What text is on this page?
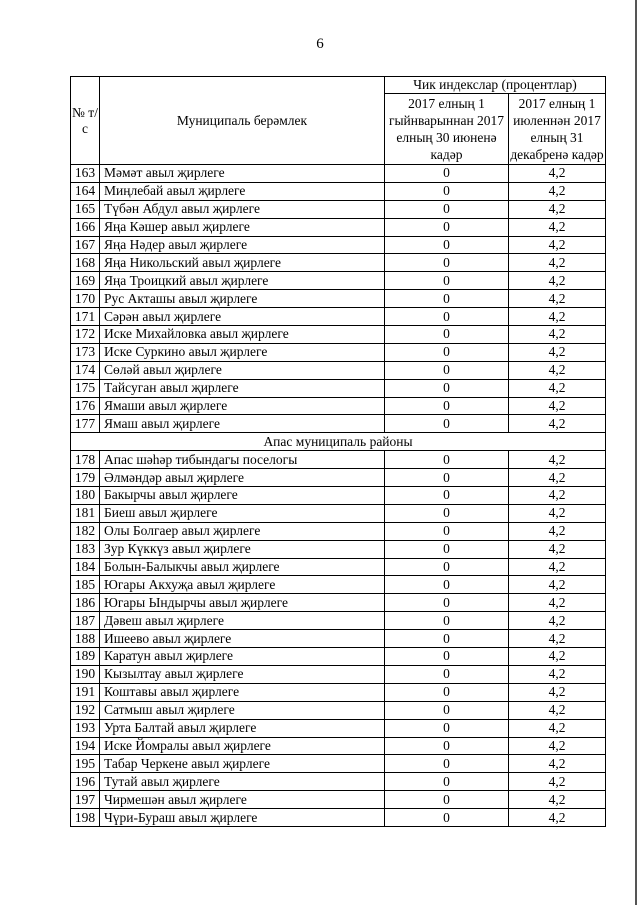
6
№ т/с	Муниципаль берәмлек	Чик индекслар (процентлар)	
		2017 елның 1 гыйнварыннан 2017 елның 30 июненә кадәр	2017 елның 1 июленнән 2017 елның 31 декабренә кадәр
163	Мәмәт авыл җирлеге	0	4,2
164	Миңлебай авыл җирлеге	0	4,2
165	Түбән Абдул авыл җирлеге	0	4,2
166	Яңа Кәшер авыл җирлеге	0	4,2
167	Яңа Нәдер авыл җирлеге	0	4,2
168	Яңа Никольский авыл җирлеге	0	4,2
169	Яңа Троицкий авыл җирлеге	0	4,2
170	Рус Акташы авыл җирлеге	0	4,2
171	Сәрән авыл җирлеге	0	4,2
172	Иске Михайловка авыл җирлеге	0	4,2
173	Иске Суркино авыл җирлеге	0	4,2
174	Сөләй авыл җирлеге	0	4,2
175	Тайсуган авыл җирлеге	0	4,2
176	Ямаши авыл җирлеге	0	4,2
177	Ямаш авыл җирлеге	0	4,2
Апас муниципаль районы			
178	Апас шәһәр тибындагы поселогы	0	4,2
179	Әлмәндәр авыл җирлеге	0	4,2
180	Бакырчы авыл җирлеге	0	4,2
181	Биеш авыл җирлеге	0	4,2
182	Олы Болгаер авыл җирлеге	0	4,2
183	Зур Күккүз авыл җирлеге	0	4,2
184	Болын-Балыкчы авыл җирлеге	0	4,2
185	Югары Акхуҗа авыл җирлеге	0	4,2
186	Югары Ындырчы авыл җирлеге	0	4,2
187	Дәвеш авыл җирлеге	0	4,2
188	Ишеево авыл җирлеге	0	4,2
189	Каратун авыл җирлеге	0	4,2
190	Кызылтау авыл җирлеге	0	4,2
191	Коштавы авыл җирлеге	0	4,2
192	Сатмыш авыл җирлеге	0	4,2
193	Урта Балтай авыл җирлеге	0	4,2
194	Иске Йомралы авыл җирлеге	0	4,2
195	Табар Черкене авыл җирлеге	0	4,2
196	Тутай авыл җирлеге	0	4,2
197	Чирмешән авыл җирлеге	0	4,2
198	Чүри-Бураш авыл җирлеге	0	4,2
